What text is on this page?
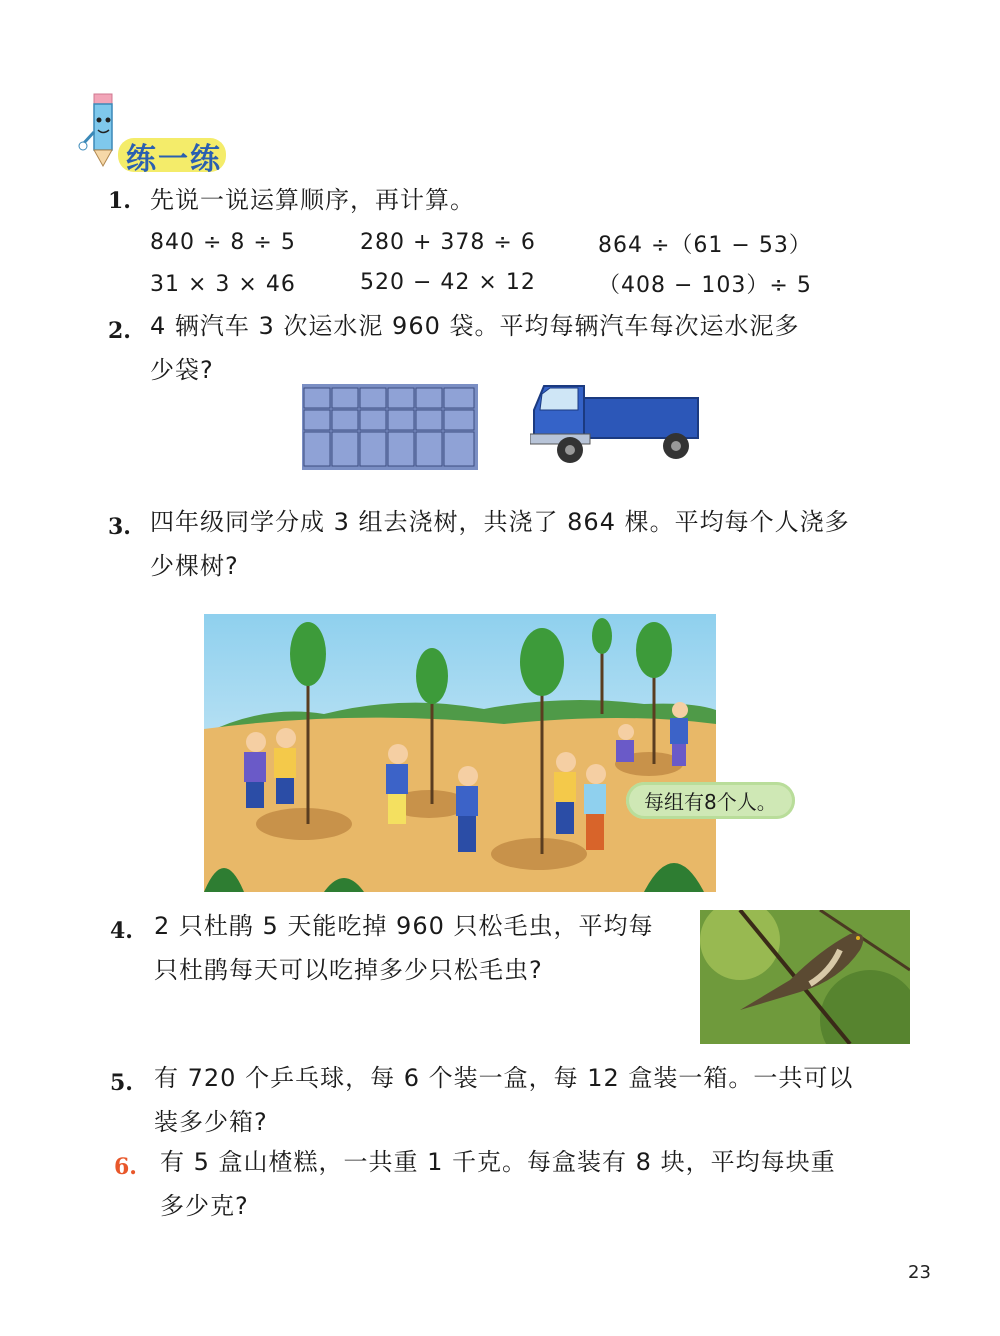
练一练
1. 先说一说运算顺序，再计算。
840 ÷ 8 ÷ 5	280 + 378 ÷ 6	864 ÷（61 − 53）
31 × 3 × 46	520 − 42 × 12	（408 − 103）÷ 5
2. 4 辆汽车 3 次运水泥 960 袋。平均每辆汽车每次运水泥多
少袋?
3. 四年级同学分成 3 组去浇树，共浇了 864 棵。平均每个人浇多
少棵树?
每组有8个人。
4. 2 只杜鹃 5 天能吃掉 960 只松毛虫，平均每
只杜鹃每天可以吃掉多少只松毛虫?
5. 有 720 个乒乓球，每 6 个装一盒，每 12 盒装一箱。一共可以
装多少箱?
6. 有 5 盒山楂糕，一共重 1 千克。每盒装有 8 块，平均每块重
多少克?
23
